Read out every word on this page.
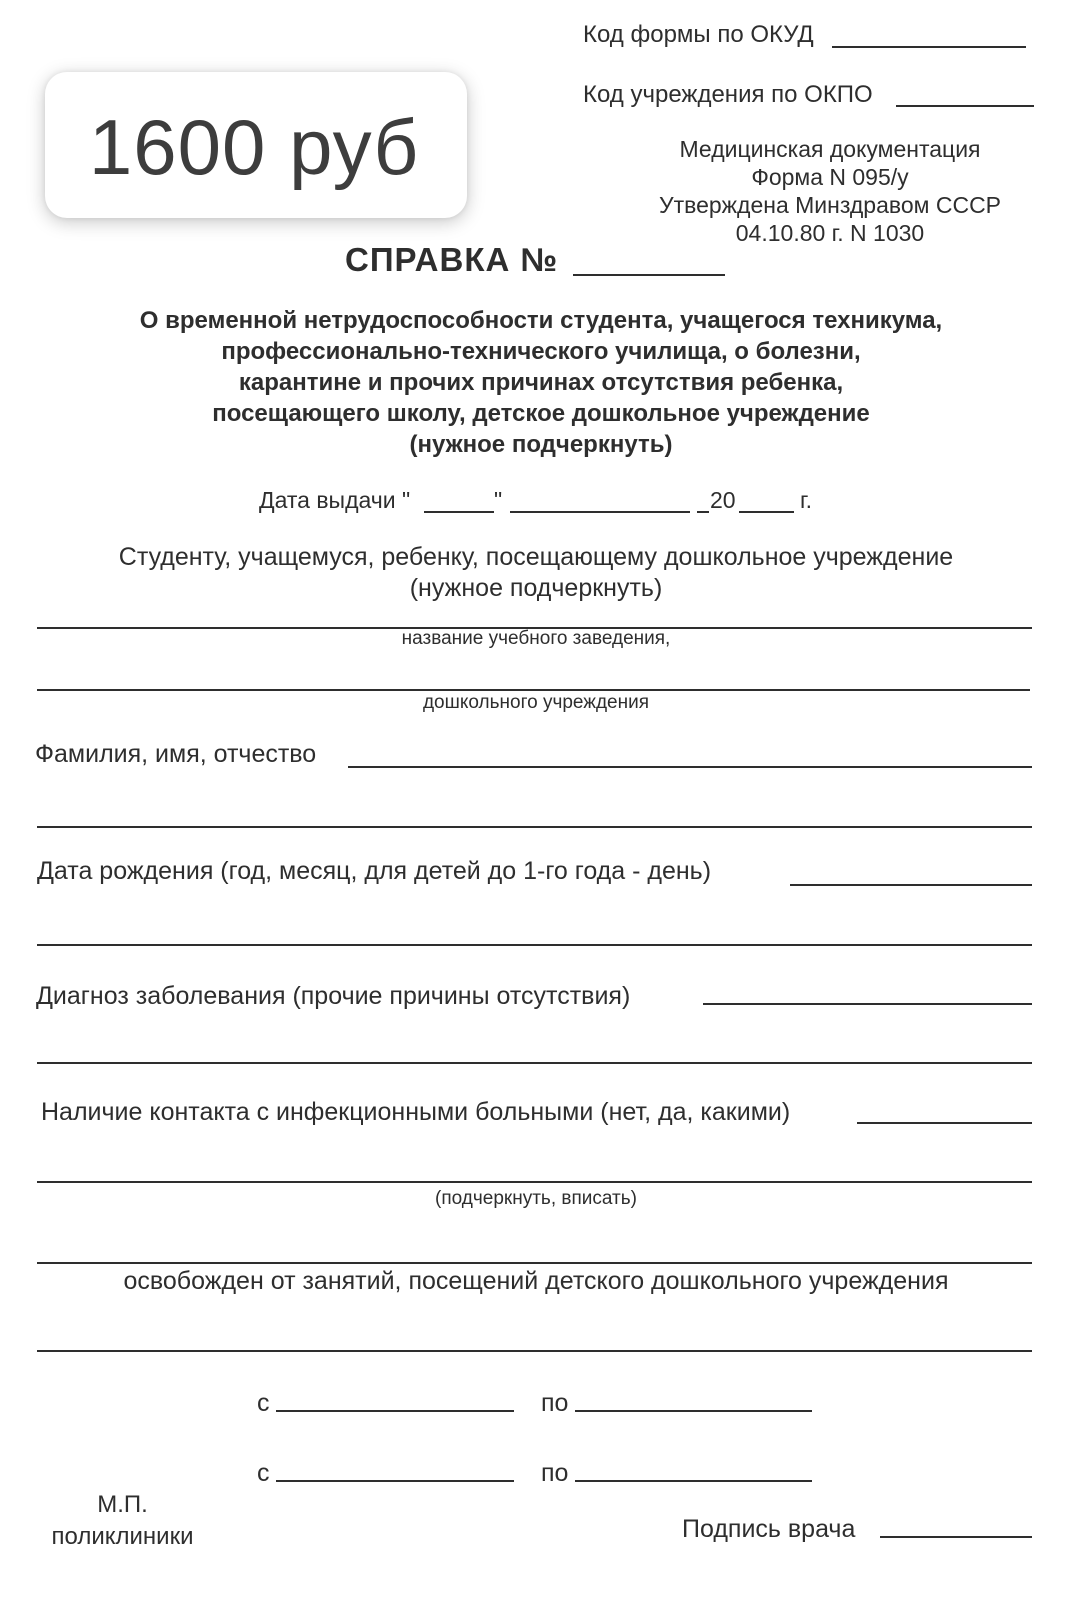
1600 руб
Код формы по ОКУД
Код учреждения по ОКПО
Медицинская документация
Форма N 095/у
Утверждена Минздравом СССР
04.10.80 г. N 1030
СПРАВКА №
О временной нетрудоспособности студента, учащегося техникума,
профессионально-технического училища, о болезни,
карантине и прочих причинах отсутствия ребенка,
посещающего школу, детское дошкольное учреждение
(нужное подчеркнуть)
Дата выдачи "	"	20	г.
Студенту, учащемуся, ребенку, посещающему дошкольное учреждение
(нужное подчеркнуть)
название учебного заведения,
дошкольного учреждения
Фамилия, имя, отчество
Дата рождения (год, месяц, для детей до 1-го года - день)
Диагноз заболевания (прочие причины отсутствия)
Наличие контакта с инфекционными больными (нет, да, какими)
(подчеркнуть, вписать)
освобожден от занятий, посещений детского дошкольного учреждения
с	по
с	по
М.П.
поликлиники	Подпись врача
